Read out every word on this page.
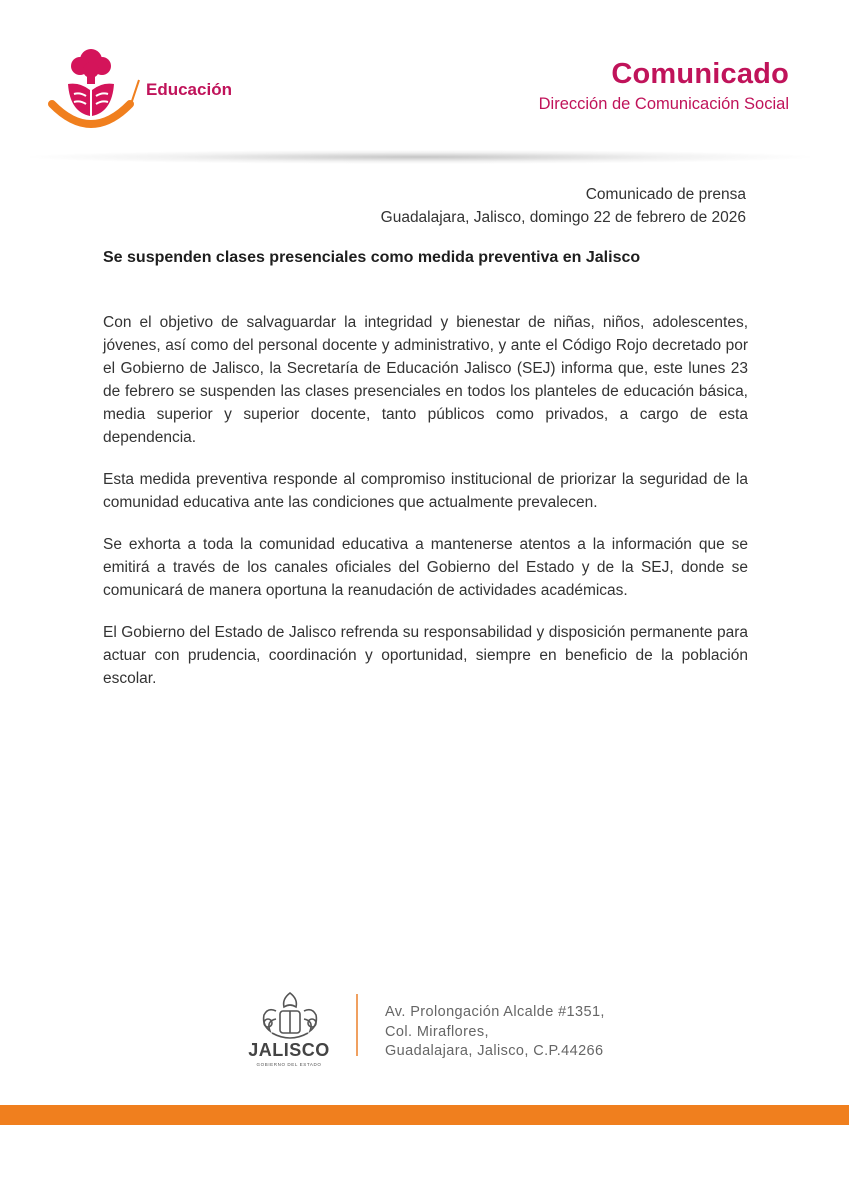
Educación	Comunicado
Dirección de Comunicación Social
Comunicado de prensa
Guadalajara, Jalisco, domingo 22 de febrero de 2026
Se suspenden clases presenciales como medida preventiva en Jalisco

Con el objetivo de salvaguardar la integridad y bienestar de niñas, niños, adolescentes, jóvenes, así como del personal docente y administrativo, y ante el Código Rojo decretado por el Gobierno de Jalisco, la Secretaría de Educación Jalisco (SEJ) informa que, este lunes 23 de febrero se suspenden las clases presenciales en todos los planteles de educación básica, media superior y superior docente, tanto públicos como privados, a cargo de esta dependencia.

Esta medida preventiva responde al compromiso institucional de priorizar la seguridad de la comunidad educativa ante las condiciones que actualmente prevalecen.

Se exhorta a toda la comunidad educativa a mantenerse atentos a la información que se emitirá a través de los canales oficiales del Gobierno del Estado y de la SEJ, donde se comunicará de manera oportuna la reanudación de actividades académicas.

El Gobierno del Estado de Jalisco refrenda su responsabilidad y disposición permanente para actuar con prudencia, coordinación y oportunidad, siempre en beneficio de la población escolar.

JALISCO
GOBIERNO DEL ESTADO
Av. Prolongación Alcalde #1351,
Col. Miraflores,
Guadalajara, Jalisco, C.P.44266
